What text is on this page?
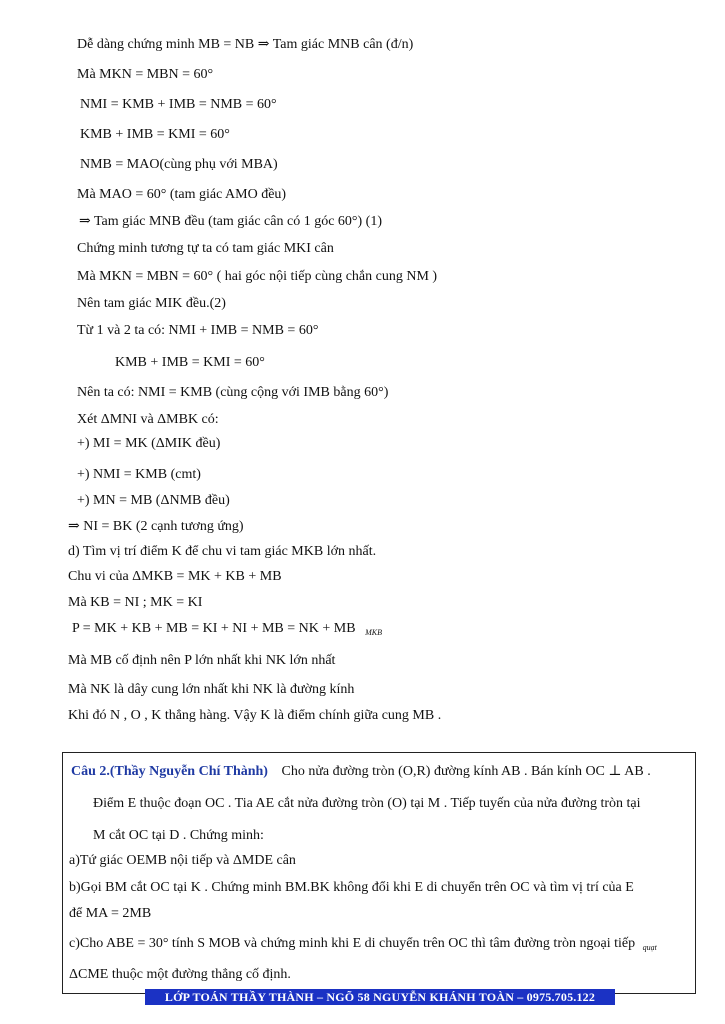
Dễ dàng chứng minh MB = NB ⇒ Tam giác MNB cân (đ/n)
Mà MKN = MBN = 60°
NMI = KMB + IMB = NMB = 60°
KMB + IMB = KMI = 60°
NMB = MAO(cùng phụ với MBA)
Mà MAO = 60° (tam giác AMO đều)
⇒ Tam giác MNB đều (tam giác cân có 1 góc 60°) (1)
Chứng minh tương tự ta có tam giác MKI cân
Mà MKN = MBN = 60° ( hai góc nội tiếp cùng chắn cung NM )
Nên tam giác MIK đều.(2)
Từ 1 và 2 ta có: NMI + IMB = NMB = 60°
KMB + IMB = KMI = 60°
Nên ta có: NMI = KMB (cùng cộng với IMB bằng 60°)
Xét ΔMNI và ΔMBK có:
+) MI = MK (ΔMIK đều)
+) NMI = KMB (cmt)
+) MN = MB (ΔNMB đều)
⇒ NI = BK (2 cạnh tương ứng)
d) Tìm vị trí điểm K để chu vi tam giác MKB lớn nhất.
Chu vi của ΔMKB = MK + KB + MB
Mà KB = NI ; MK = KI
P = MK + KB + MB = KI + NI + MB = NK + MB $_{MKB}$
Mà MB cố định nên P lớn nhất khi NK lớn nhất
Mà NK là dây cung lớn nhất khi NK là đường kính
Khi đó N , O , K thẳng hàng. Vậy K là điểm chính giữa cung MB .
Câu 2.(Thầy Nguyễn Chí Thành) Cho nửa đường tròn (O,R) đường kính AB . Bán kính OC ⊥ AB .
Điểm E thuộc đoạn OC . Tia AE cắt nửa đường tròn (O) tại M . Tiếp tuyến của nửa đường tròn tại
M cắt OC tại D . Chứng minh:
a)Tứ giác OEMB nội tiếp và ΔMDE cân
b)Gọi BM cắt OC tại K . Chứng minh BM.BK không đổi khi E di chuyển trên OC và tìm vị trí của E
để MA = 2MB
c)Cho ABE = 30° tính S MOB và chứng minh khi E di chuyển trên OC thì tâm đường tròn ngoại tiếp $_{quạt}$
ΔCME thuộc một đường thẳng cố định.
LỚP TOÁN THẦY THÀNH – NGÕ 58 NGUYỄN KHÁNH TOÀN – 0975.705.122
